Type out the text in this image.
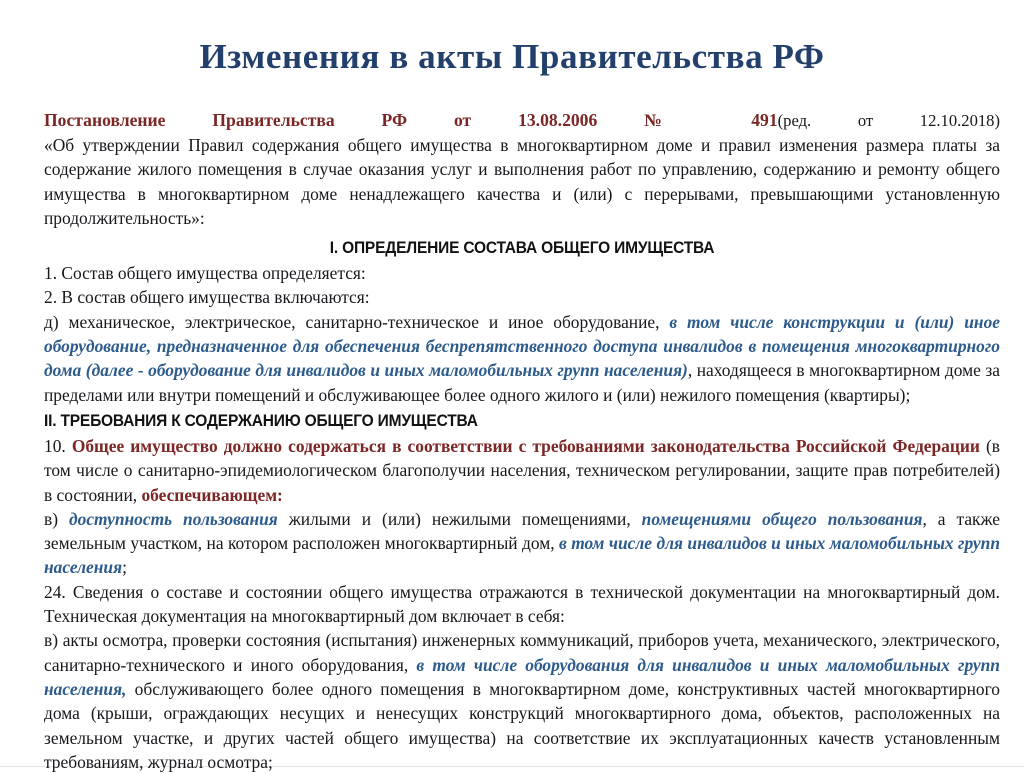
Изменения в акты Правительства РФ

Постановление Правительства РФ от 13.08.2006 № 491(ред. от 12.10.2018)

«Об утверждении Правил содержания общего имущества в многоквартирном доме и правил изменения размера платы за содержание жилого помещения в случае оказания услуг и выполнения работ по управлению, содержанию и ремонту общего имущества в многоквартирном доме ненадлежащего качества и (или) с перерывами, превышающими установленную продолжительность»:

I. ОПРЕДЕЛЕНИЕ СОСТАВА ОБЩЕГО ИМУЩЕСТВА

1. Состав общего имущества определяется:

2. В состав общего имущества включаются:

д) механическое, электрическое, санитарно-техническое и иное оборудование, в том числе конструкции и (или) иное оборудование, предназначенное для обеспечения беспрепятственного доступа инвалидов в помещения многоквартирного дома (далее - оборудование для инвалидов и иных маломобильных групп населения), находящееся в многоквартирном доме за пределами или внутри помещений и обслуживающее более одного жилого и (или) нежилого помещения (квартиры);

II. ТРЕБОВАНИЯ К СОДЕРЖАНИЮ ОБЩЕГО ИМУЩЕСТВА

10. Общее имущество должно содержаться в соответствии с требованиями законодательства Российской Федерации (в том числе о санитарно-эпидемиологическом благополучии населения, техническом регулировании, защите прав потребителей) в состоянии, обеспечивающем:

в) доступность пользования жилыми и (или) нежилыми помещениями, помещениями общего пользования, а также земельным участком, на котором расположен многоквартирный дом, в том числе для инвалидов и иных маломобильных групп населения;

24. Сведения о составе и состоянии общего имущества отражаются в технической документации на многоквартирный дом. Техническая документация на многоквартирный дом включает в себя:

в) акты осмотра, проверки состояния (испытания) инженерных коммуникаций, приборов учета, механического, электрического, санитарно-технического и иного оборудования, в том числе оборудования для инвалидов и иных маломобильных групп населения, обслуживающего более одного помещения в многоквартирном доме, конструктивных частей многоквартирного дома (крыши, ограждающих несущих и ненесущих конструкций многоквартирного дома, объектов, расположенных на земельном участке, и других частей общего имущества) на соответствие их эксплуатационных качеств установленным требованиям, журнал осмотра;
